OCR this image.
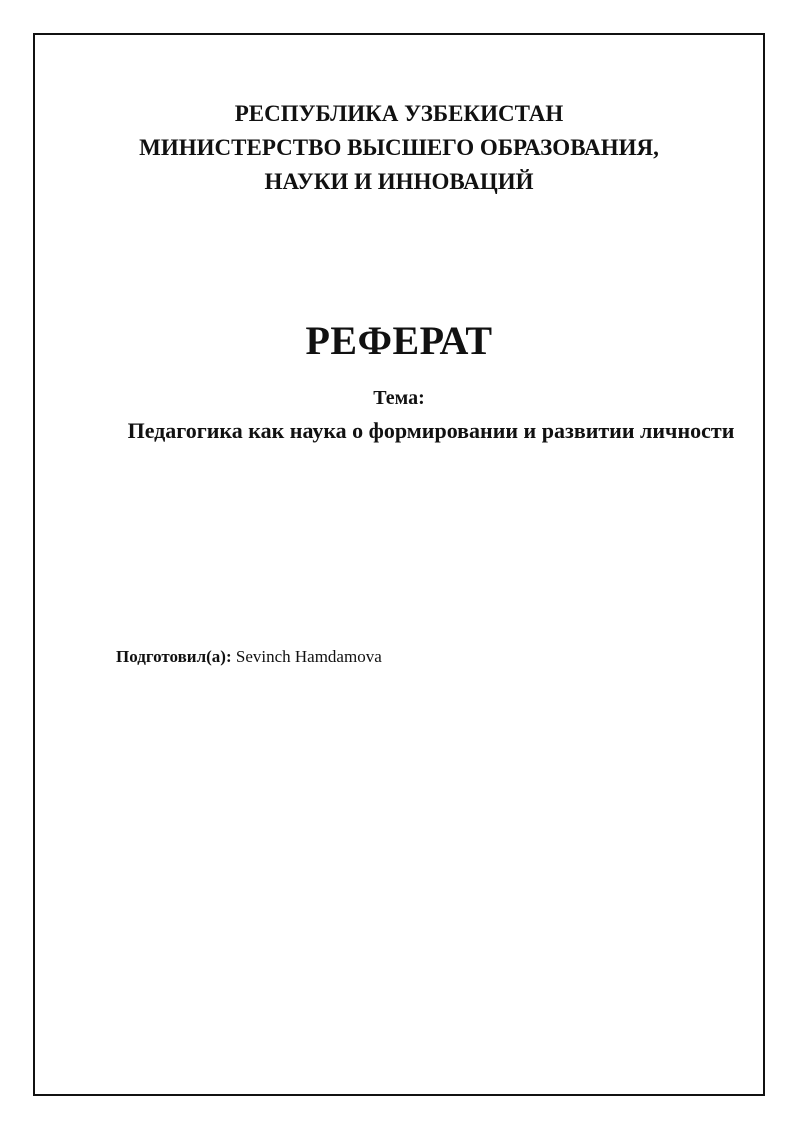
РЕСПУБЛИКА УЗБЕКИСТАН
МИНИСТЕРСТВО ВЫСШЕГО ОБРАЗОВАНИЯ,
НАУКИ И ИННОВАЦИЙ
РЕФЕРАТ
Тема:
Педагогика как наука о формировании и развитии личности
Подготовил(а): Sevinch Hamdamova
